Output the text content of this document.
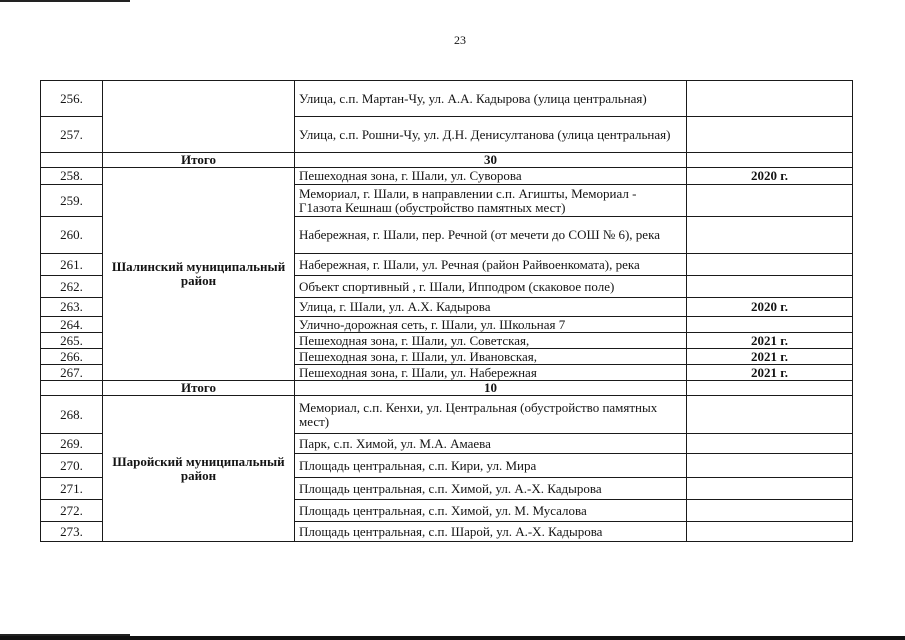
23
256.		Улица, с.п. Мартан-Чу, ул. А.А. Кадырова (улица центральная)	
257.		Улица, с.п. Рошни-Чу, ул. Д.Н. Денисултанова (улица центральная)	
	Итого	30	
258.	Шалинский муниципальный район	Пешеходная зона, г. Шали, ул. Суворова	2020 г.
259.		Мемориал, г. Шали, в направлении с.п. Агишты, Мемориал - Г1азота Кешнаш (обустройство памятных мест)	
260.		Набережная, г. Шали, пер. Речной (от мечети до СОШ № 6), река	
261.		Набережная, г. Шали, ул. Речная (район Райвоенкомата), река	
262.		Объект спортивный , г. Шали, Ипподром (скаковое поле)	
263.		Улица, г. Шали, ул. А.Х. Кадырова	2020 г.
264.		Улично-дорожная сеть, г. Шали, ул. Школьная 7	
265.		Пешеходная зона, г. Шали, ул. Советская,	2021 г.
266.		Пешеходная зона, г. Шали, ул. Ивановская,	2021 г.
267.		Пешеходная зона, г. Шали, ул. Набережная	2021 г.
	Итого	10	
268.	Шаройский муниципальный район	Мемориал, с.п. Кенхи, ул. Центральная (обустройство памятных мест)	
269.		Парк, с.п. Химой, ул. М.А. Амаева	
270.		Площадь центральная, с.п. Кири, ул. Мира	
271.		Площадь центральная, с.п. Химой, ул. А.-Х. Кадырова	
272.		Площадь центральная, с.п. Химой, ул. М. Мусалова	
273.		Площадь центральная, с.п. Шарой, ул. А.-Х. Кадырова	
